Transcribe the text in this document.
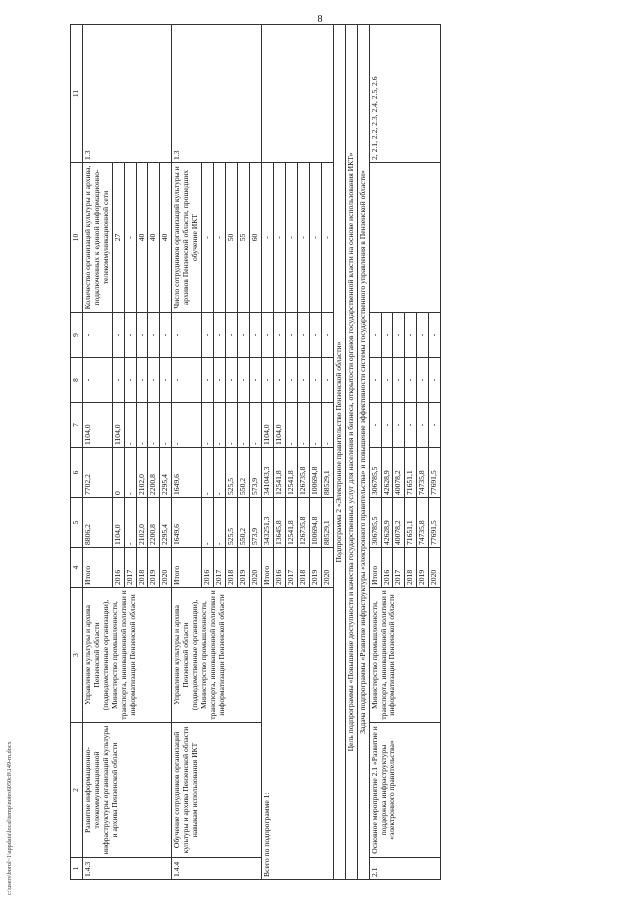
8
1	2	3	4	5	6	7	8	9	10	11
1.4.3	Развитие информационно-телекоммуникационной инфраструктуры организаций культуры и архива Пензенской области	Управление культуры и архива Пензенской области (подведомственные организации), Министерство промышленности, транспорта, инновационной политики и информатизации Пензенской области	Итого	8806,2	7702,2	1104,0	-	-	Количество организаций культуры и архива, подключенных к единой информационно-телекоммуникационной сети	1.3
			2016	1104,0	0	1104,0	-	-	27	
			2017	-	-	-	-	-	-	
			2018	2102,0	2102,0	-	-	-	40	
			2019	2200,8	2200,8	-	-	-	40	
			2020	2295,4	2295,4	-	-	-	40	
1.4.4	Обучение сотрудников организаций культуры и архива Пензенской области навыкам использования ИКТ	Управление культуры и архива Пензенской области (подведомственные организации), Министерство промышленности, транспорта, инновационной политики и информатизации Пензенской области	Итого	1649,6	1649,6	-	-	-	Число сотрудников организаций культуры и архивов Пензенской области, прошедших обучение ИКТ	1.3
			2016	-	-	-	-	-	-	
			2017	-	-	-	-	-	-	
			2018	525,5	525,5	-	-	-	50	
			2019	550,2	550,2	-	-	-	55	
			2020	573,9	573,9	-	-	-	60	
Всего по подпрограмме 1:			Итого	343251,3	341043,3	1104,0	-	-	-	
			2016	13645,8	12541,8	1104,0	-	-	-	
			2017	12541,8	12541,8	-	-	-	-	
			2018	126735,8	126735,8	-	-	-	-	
			2019	100694,8	100694,8	-	-	-	-	
			2020	88529,1	88529,1	-	-	-	-	
Подпрограмма 2 «Электронное правительство Пензенской области»										
Цель подпрограммы «Повышение доступности и качества государственных услуг для населения и бизнеса, открытости органов государственной власти на основе использования ИКТ»										
Задача подпрограммы «Развитие инфраструктуры «электронного правительства» и повышение эффективности системы государственного управления в Пензенской области»										
2.1	Основное мероприятие 2.1 «Развитие и поддержка инфраструктуры «электронного правительства»	Министерство промышленности, транспорта, инновационной политики и информатизации Пензенской области	Итого	306785,5	306785,5	-	-	-		2, 2.1, 2.2, 2.3, 2.4, 2.5, 2.6
			2016	42628,9	42628,9	-	-	-		
			2017	40078,2	40078,2	-	-	-		
			2018	71651,1	71651,1	-	-	-		
			2019	74735,8	74735,8	-	-	-		
			2020	77691,5	77691,5	-	-	-		
c:\users\borol~1\appdata\local\temp\notes6050c8\149-rn.docx
